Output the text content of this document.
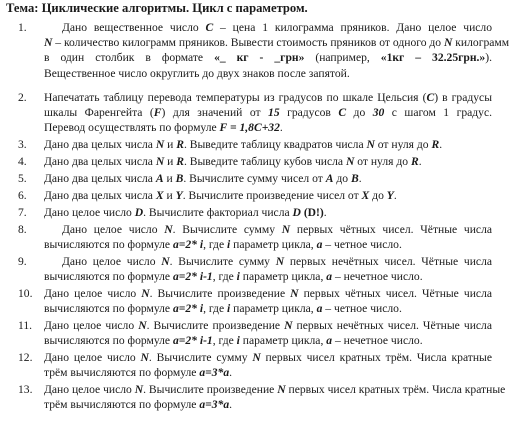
Тема: Циклические алгоритмы. Цикл с параметром.
1.	Дано вещественное число C – цена 1 килограмма пряников. Дано целое число
N – количество килограмм пряников. Вывести стоимость пряников от одного до N килограмм
в один столбик в формате «_ кг - _грн» (например, «1кг – 32.25грн.»).
Вещественное число округлить до двух знаков после запятой.
2. Напечатать таблицу перевода температуры из градусов по шкале Цельсия (C) в градусы
шкалы Фаренгейта (F) для значений от 15 градусов C до 30 с шагом 1 градус.
Перевод осуществлять по формуле F = 1,8C+32.
3. Дано два целых числа N и R. Выведите таблицу квадратов числа N от нуля до R.
4. Дано два целых числа N и R. Выведите таблицу кубов числа N от нуля до R.
5. Дано два целых числа A и B. Вычислите сумму чисел от A до B.
6. Дано два целых числа X и Y. Вычислите произведение чисел от X до Y.
7. Дано целое число D. Вычислите факториал числа D (D!).
8.	Дано целое число N. Вычислите сумму N первых чётных чисел. Чётные числа
вычисляются по формуле a=2* i, где i параметр цикла, a – четное число.
9.	Дано целое число N. Вычислите сумму N первых нечётных чисел. Чётные числа
вычисляются по формуле a=2* i-1, где i параметр цикла, a – нечетное число.
10. Дано целое число N. Вычислите произведение N первых чётных чисел. Чётные числа
вычисляются по формуле a=2* i, где i параметр цикла, a – четное число.
11. Дано целое число N. Вычислите произведение N первых нечётных чисел. Чётные числа
вычисляются по формуле a=2* i-1, где i параметр цикла, a – нечетное число.
12. Дано целое число N. Вычислите сумму N первых чисел кратных трём. Числа кратные
трём вычисляются по формуле a=3*a.
13. Дано целое число N. Вычислите произведение N первых чисел кратных трём. Числа кратные
трём вычисляются по формуле a=3*a.
